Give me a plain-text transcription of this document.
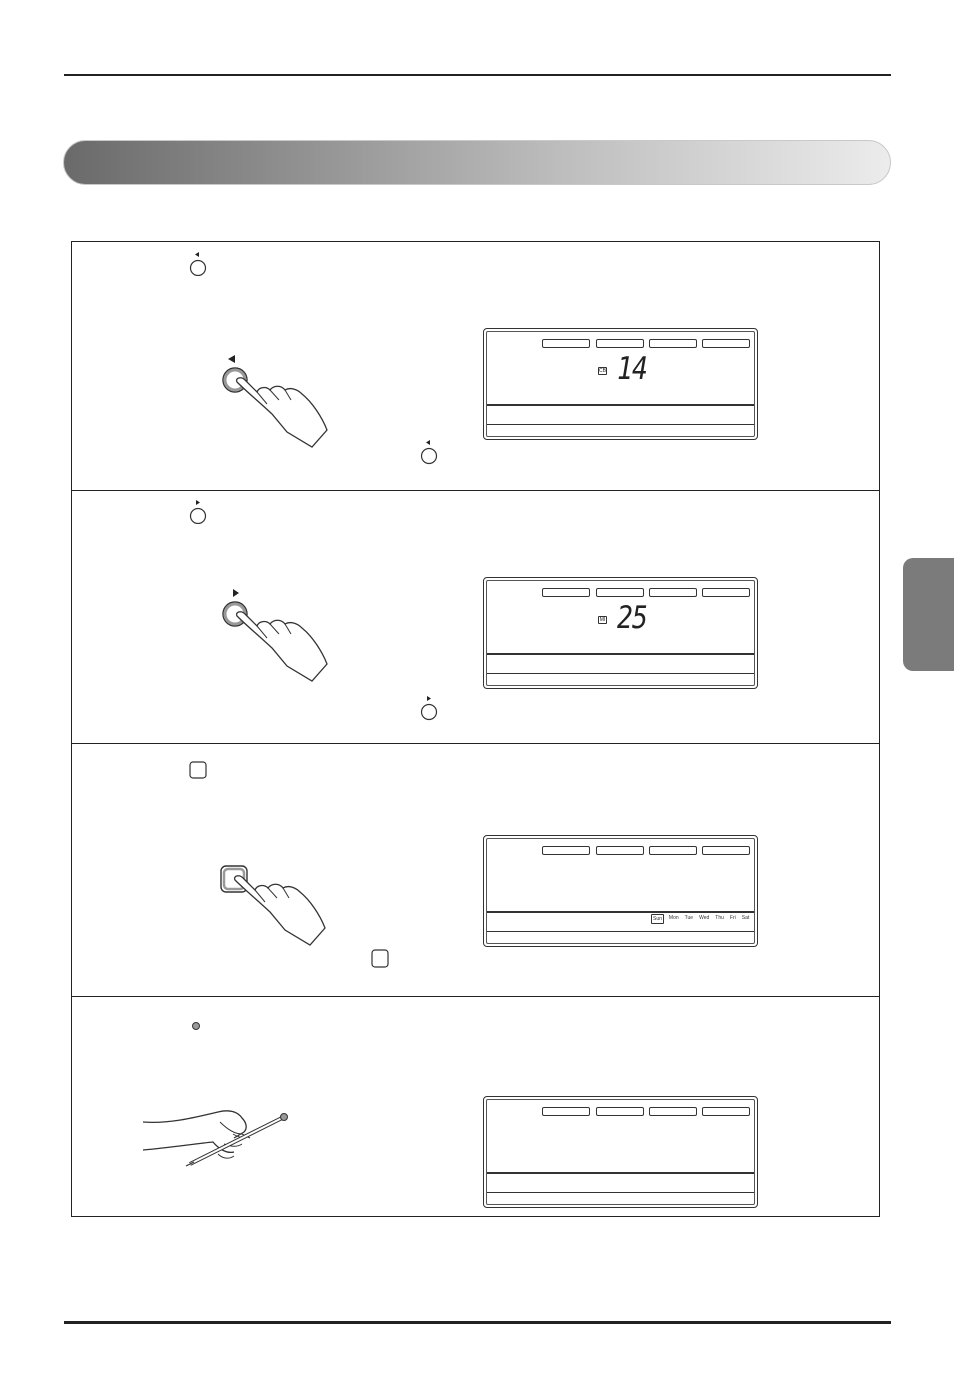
CB 14
MI 25
Sun	Mon Tue Wed Thu Fri Sat
